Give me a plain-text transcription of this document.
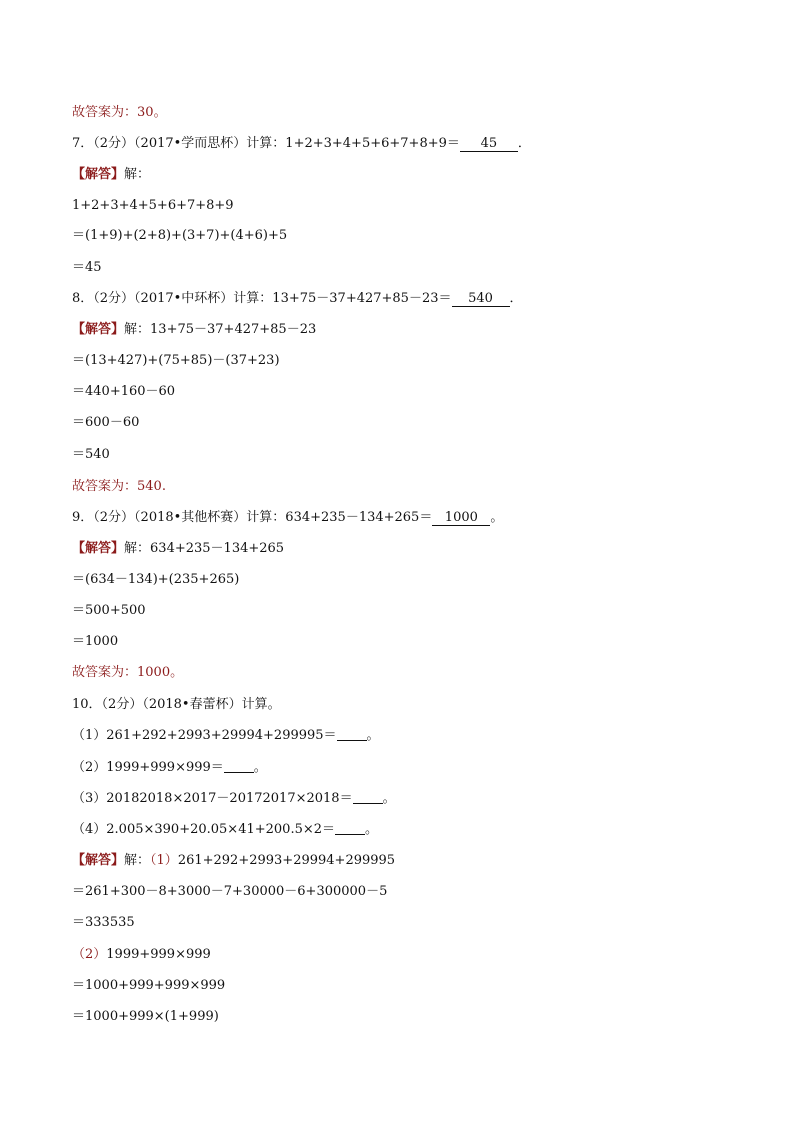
故答案为：30。
7．（2分）（2017•学而思杯）计算：1+2+3+4+5+6+7+8+9＝ 45 ．
【解答】解：
1+2+3+4+5+6+7+8+9
＝(1+9)+(2+8)+(3+7)+(4+6)+5
＝45
8．（2分）（2017•中环杯）计算：13+75－37+427+85－23＝ 540 ．
【解答】解：13+75－37+427+85－23
＝(13+427)+(75+85)－(37+23)
＝440+160－60
＝600－60
＝540
故答案为：540.
9．（2分）（2018•其他杯赛）计算：634+235－134+265＝ 1000 。
【解答】解：634+235－134+265
＝(634－134)+(235+265)
＝500+500
＝1000
故答案为：1000。
10．（2分）（2018•春蕾杯）计算。
（1）261+292+2993+29994+299995＝ 。
（2）1999+999×999＝ 。
（3）20182018×2017－20172017×2018＝ 。
（4）2.005×390+20.05×41+200.5×2＝ 。
【解答】解：（1）261+292+2993+29994+299995
＝261+300－8+3000－7+30000－6+300000－5
＝333535
（2）1999+999×999
＝1000+999+999×999
＝1000+999×(1+999)
